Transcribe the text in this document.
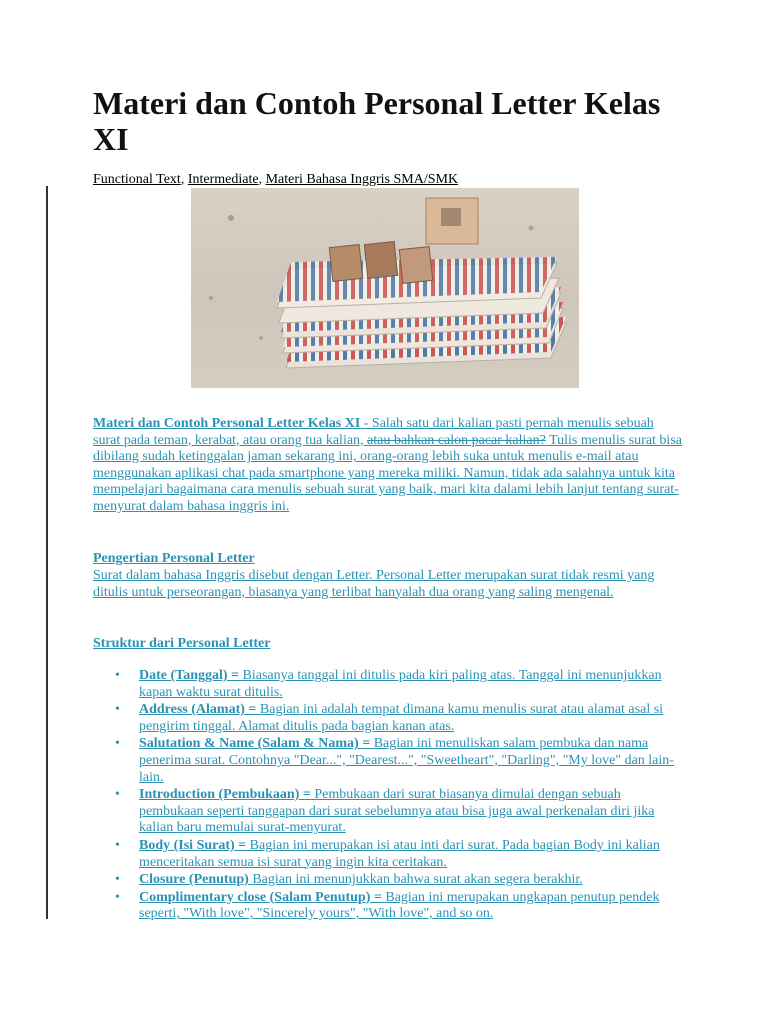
Materi dan Contoh Personal Letter Kelas XI
Functional Text, Intermediate, Materi Bahasa Inggris SMA/SMK

Materi dan Contoh Personal Letter Kelas XI - Salah satu dari kalian pasti pernah menulis sebuah surat pada teman, kerabat, atau orang tua kalian, atau bahkan calon pacar kalian? Tulis menulis surat bisa dibilang sudah ketinggalan jaman sekarang ini, orang-orang lebih suka untuk menulis e-mail atau menggunakan aplikasi chat pada smartphone yang mereka miliki. Namun, tidak ada salahnya untuk kita mempelajari bagaimana cara menulis sebuah surat yang baik, mari kita dalami lebih lanjut tentang surat-menyurat dalam bahasa inggris ini.

Pengertian Personal Letter

Surat dalam bahasa Inggris disebut dengan Letter. Personal Letter merupakan surat tidak resmi yang ditulis untuk perseorangan, biasanya yang terlibat hanyalah dua orang yang saling mengenal.

Struktur dari Personal Letter
• Date (Tanggal) = Biasanya tanggal ini ditulis pada kiri paling atas. Tanggal ini menunjukkan kapan waktu surat ditulis.
• Address (Alamat) = Bagian ini adalah tempat dimana kamu menulis surat atau alamat asal si pengirim tinggal. Alamat ditulis pada bagian kanan atas.
• Salutation & Name (Salam & Nama) = Bagian ini menuliskan salam pembuka dan nama penerima surat. Contohnya "Dear...", "Dearest...", "Sweetheart", "Darling", "My love" dan lain-lain.
• Introduction (Pembukaan) = Pembukaan dari surat biasanya dimulai dengan sebuah pembukaan seperti tanggapan dari surat sebelumnya atau bisa juga awal perkenalan diri jika kalian baru memulai surat-menyurat.
• Body (Isi Surat) = Bagian ini merupakan isi atau inti dari surat. Pada bagian Body ini kalian menceritakan semua isi surat yang ingin kita ceritakan.
• Closure (Penutup) Bagian ini menunjukkan bahwa surat akan segera berakhir.
• Complimentary close (Salam Penutup) = Bagian ini merupakan ungkapan penutup pendek seperti, "With love", "Sincerely yours", "With love", and so on.
